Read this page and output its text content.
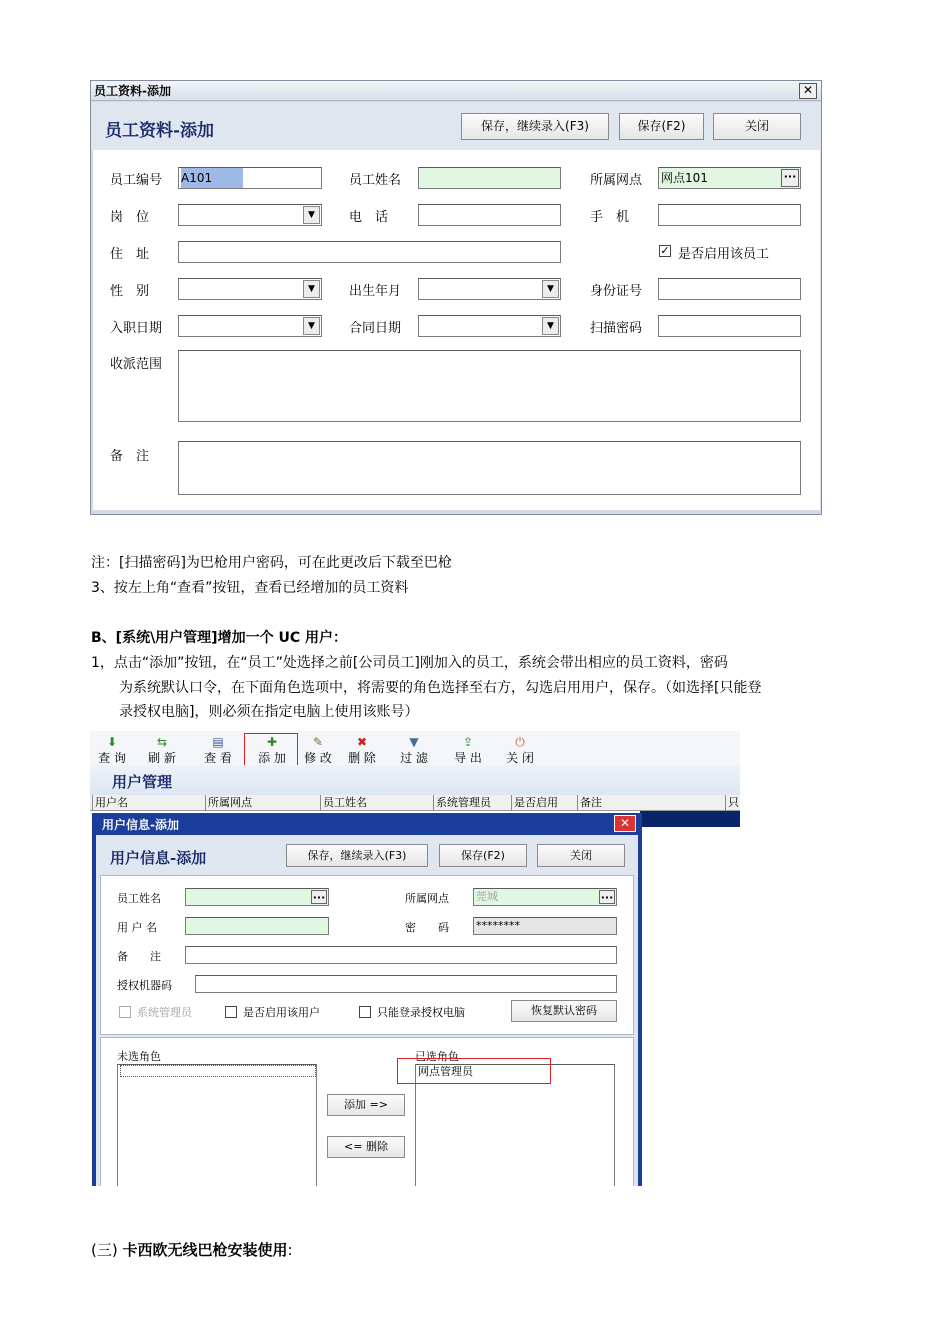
员工资料-添加	✕
员工资料-添加	保存，继续录入(F3)	保存(F2)	关闭
员工编号 A101	员工姓名	所属网点 网点101	···
岗　位	▼	电　话	手　机
住　址	✓ 是否启用该员工
性　别	▼	出生年月	▼	身份证号
入职日期	▼	合同日期	▼	扫描密码
收派范围
备　注
注：[扫描密码]为巴枪用户密码，可在此更改后下载至巴枪
3、按左上角“查看”按钮，查看已经增加的员工资料
B、[系统\用户管理]增加一个 UC 用户：
1，点击“添加”按钮，在“员工”处选择之前[公司员工]刚加入的员工，系统会带出相应的员工资料，密码
为系统默认口令，在下面角色选项中，将需要的角色选择至右方，勾选启用用户，保存。（如选择[只能登
录授权电脑]，则必须在指定电脑上使用该账号）
⬇
查 询
⇆
刷 新
▤
查 看
✚
添 加
✎
修 改
✖
删 除
▼
过 滤
⇪
导 出
⏻
关 闭
用户管理
用户名	所属网点	员工姓名	系统管理员	是否启用	备注	只
用户信息-添加	✕
用户信息-添加	保存，继续录入(F3)	保存(F2)	关闭
员工姓名	···	所属网点 莞城	···
用 户 名	密　　码 ********
备　　注
授权机器码
系统管理员	是否启用该用户	只能登录授权电脑	恢复默认密码
未选角色
添加 =>
<= 删除
已选角色
网点管理员
(三) 卡西欧无线巴枪安装使用:
